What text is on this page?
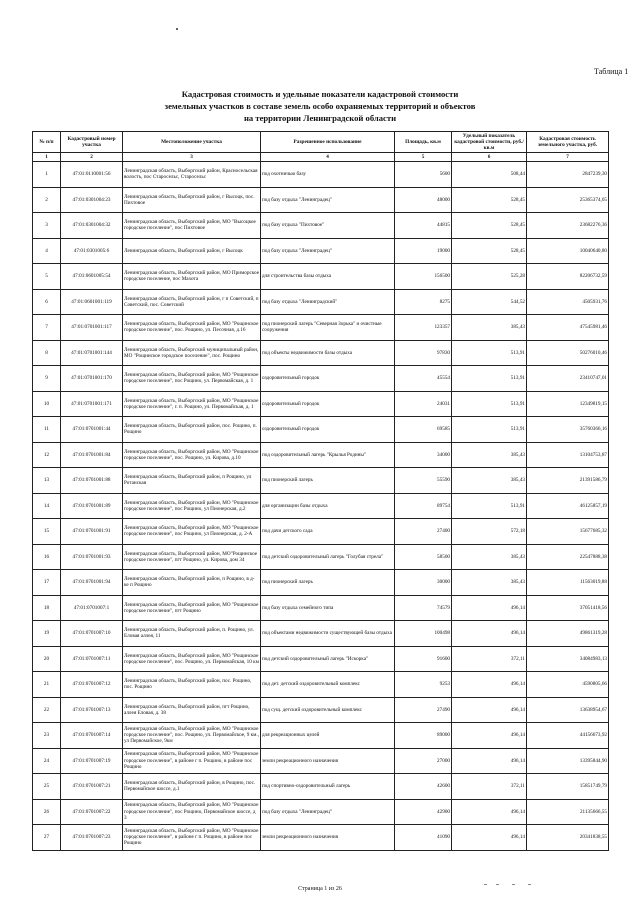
Таблица 1
Кадастровая стоимость и удельные показатели кадастровой стоимости
земельных участков в составе земель особо охраняемых территорий и объектов
на территории Ленинградской области
№ п/п	Кадастровый номер участка	Местоположение участка	Разрешенное использование	Площадь, кв.м	Удельный показатель кадастровой стоимости, руб./кв.м	Кадастровая стоимость земельного участка, руб.
1	2	3	4	5	6	7
1	47:01:0110001:56	Ленинградская область, Выборгский район, Красносельская волость, пос Старосельс, Старосельс	под охотничью базу	5600	508,44	2847239,30
2	47:01:0301004:23	Ленинградская область, Выборгский район, г Высоцк, пос. Пихтовое	под базу отдыха "Ленинградец"	48000	528,45	25365374,65
3	47:01:0301004:32	Ленинградская область, Выборгский район, МО "Высоцкое городское поселение", пос Пихтовое	под базу отдыха "Пихтовое"	44815	528,45	23682276,36
4	47:01:0301005:6	Ленинградская область, Выборгский район, г Высоцк	под базу отдыха "Ленинградец"	19000	528,45	10040640,80
5	47:01:0601005:54	Ленинградская область, Выборгский район, МО Приморское городское поселение, пос Махота	для строительства базы отдыха	156500	525,28	82206732,59
6	47:01:0601001:119	Ленинградская область, Выборгский район, г п Советский, п Советский, пос. Советский	под базу отдыха "Ленинградский"	8275	544,52	4505931,76
7	47:01:0701001:117	Ленинградская область, Выборгский район, МО "Рощинское городское поселение", пос. Рощино, ул. Песочная, д.16	под пионерский лагерь "Северная Зорька" и очистные сооружения	123357	385,43	47545981,46
8	47:01:0701001:144	Ленинградская область, Выборгский муниципальный район, МО "Рощинское городское поселение", пос. Рощино	под объекты недвижимости базы отдыха	97830	513,91	50276010,46
9	47:01:0701001:170	Ленинградская область, Выборгский район, МО "Рощинское городское поселение", пос Рощино, ул. Первомайская, д. 1	оздоровительный городок	45554	513,91	23410747,01
10	47:01:0701001:171	Ленинградская область, Выборгский район, МО "Рощинское городское поселение", г. п. Рощино, ул. Первомайская, д. 1	оздоровительный городок	24031	513,91	12349819,15
11	47:01:0701001:44	Ленинградская область, Выборгский район, пос. Рощино, п. Рощино	оздоровительный городок	69585	513,91	35760366,16
12	47:01:0701001:84	Ленинградская область, Выборгский район, МО "Рощинское городское поселение", пос. Рощино, ул. Кирова, д.10	под оздоровительный лагерь "Крылья Родины"	34000	385,43	13104753,87
13	47:01:0701001:88	Ленинградская область, Выборгский район, п Рощино, ул Ротанская	под пионерский лагерь	55590	385,43	21391586,79
14	47:01:0701001:89	Ленинградская область, Выборгский район, МО "Рощинское городское поселение", пос Рощино, ул Пионерская, д.2	для организации базы отдыха	89754	513,91	46125857,19
15	47:01:0701001:91	Ленинградская область, Выборгский район, МО "Рощинское городское поселение", пос Рощино, ул Пионерская, д. 2-А	под дачи детского сада	27400	572,18	15677685,32
16	47:01:0701001:93	Ленинградская область, Выборгский район, МО"Рощинское городское поселение", пгт Рощино, ул. Кирова, дом 34	под детский оздоровительный лагерь "Голубая стрела"	58500	385,43	22547888,38
17	47:01:0701001:94	Ленинградская область, Выборгский район, п Рощино, в д-ке п Рощино	под пионерский лагерь	30000	385,43	11563019,88
18	47:01:0701007:1	Ленинградская область, Выборгский район, МО "Рощинское городское поселение", пгт Рощино	под базу отдыха семейного типа	74579	496,14	37051418,56
19	47:01:0701007:10	Ленинградская область, Выборгский район, п. Рощино, ул. Еловая аллея, 11	под объектами недвижимости существующей базы отдыха	100498	496,14	49861319,28
20	47:01:0701007:11	Ленинградская область, Выборгский район, МО "Рощинское городское поселение", пос. Рощино, ул. Первомайская, 10 км	под детский оздоровительный лагерь "Искорка"	91600	372,11	34084983,13
21	47:01:0701007:12	Ленинградская область, Выборгский район, пос. Рощино, пос. Рощино	под дет. детский оздоровительный комплекс	9253	496,14	4590805,66
22	47:01:0701007:13	Ленинградская область, Выборгский район, пгт Рощино, аллея Еловая, д. 38	под сущ. детский оздоровительный комплекс	27490	496,14	13638954,67
23	47:01:0701007:14	Ленинградская область, Выборгский район, МО "Рощинское городское поселение", пос. Рощино, ул. Первомайское, 9 км., ул Первомайское, 9км	для рекреационных целей	89000	496,14	44156673,92
24	47:01:0701007:19	Ленинградская область, Выборгский район, МО "Рощинское городское поселение", в районе г п. Рощино, в районе пос Рощино	земли рекреационного назначения	27000	496,14	13395844,90
25	47:01:0701007:21	Ленинградская область, Выборгский район, в Рощино, пос. Первомайское шоссе, д.1	под спортивно-оздоровительный лагерь	42600	372,11	15851749,79
26	47:01:0701007:22	Ленинградская область, Выборгский район, МО "Рощинское городское поселение", пос Рощино, Первомайское шоссе, д 3	под базу отдыха "Ленинградец"	42900	496,14	21135666,55
27	47:01:0701007:23	Ленинградская область, Выборгский район, МО "Рощинское городское поселение", в районе г п. Рощино, в районе пос Рощино	земли рекреационного назначения	41090	496,14	20341838,55
Страница 1 из 26
